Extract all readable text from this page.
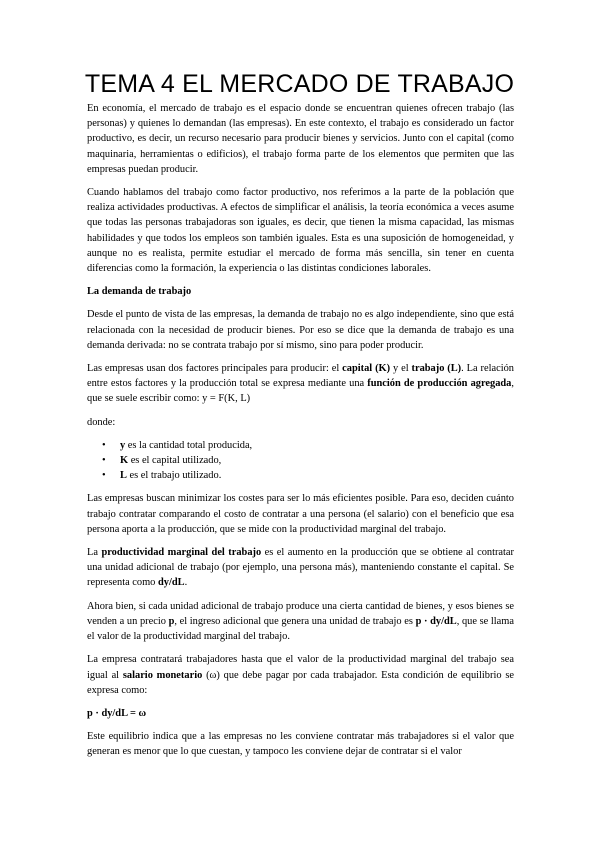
TEMA 4 EL MERCADO DE TRABAJO

En economía, el mercado de trabajo es el espacio donde se encuentran quienes ofrecen trabajo (las personas) y quienes lo demandan (las empresas). En este contexto, el trabajo es considerado un factor productivo, es decir, un recurso necesario para producir bienes y servicios. Junto con el capital (como maquinaria, herramientas o edificios), el trabajo forma parte de los elementos que permiten que las empresas puedan producir.

Cuando hablamos del trabajo como factor productivo, nos referimos a la parte de la población que realiza actividades productivas. A efectos de simplificar el análisis, la teoría económica a veces asume que todas las personas trabajadoras son iguales, es decir, que tienen la misma capacidad, las mismas habilidades y que todos los empleos son también iguales. Esta es una suposición de homogeneidad, y aunque no es realista, permite estudiar el mercado de forma más sencilla, sin tener en cuenta diferencias como la formación, la experiencia o las distintas condiciones laborales.

La demanda de trabajo

Desde el punto de vista de las empresas, la demanda de trabajo no es algo independiente, sino que está relacionada con la necesidad de producir bienes. Por eso se dice que la demanda de trabajo es una demanda derivada: no se contrata trabajo por sí mismo, sino para poder producir.

Las empresas usan dos factores principales para producir: el capital (K) y el trabajo (L). La relación entre estos factores y la producción total se expresa mediante una función de producción agregada, que se suele escribir como: y = F(K, L)

donde:

• y es la cantidad total producida,
• K es el capital utilizado,
• L es el trabajo utilizado.

Las empresas buscan minimizar los costes para ser lo más eficientes posible. Para eso, deciden cuánto trabajo contratar comparando el costo de contratar a una persona (el salario) con el beneficio que esa persona aporta a la producción, que se mide con la productividad marginal del trabajo.

La productividad marginal del trabajo es el aumento en la producción que se obtiene al contratar una unidad adicional de trabajo (por ejemplo, una persona más), manteniendo constante el capital. Se representa como dy/dL.

Ahora bien, si cada unidad adicional de trabajo produce una cierta cantidad de bienes, y esos bienes se venden a un precio p, el ingreso adicional que genera una unidad de trabajo es p · dy/dL, que se llama el valor de la productividad marginal del trabajo.

La empresa contratará trabajadores hasta que el valor de la productividad marginal del trabajo sea igual al salario monetario (ω) que debe pagar por cada trabajador. Esta condición de equilibrio se expresa como:

p · dy/dL = ω

Este equilibrio indica que a las empresas no les conviene contratar más trabajadores si el valor que generan es menor que lo que cuestan, y tampoco les conviene dejar de contratar si el valor
